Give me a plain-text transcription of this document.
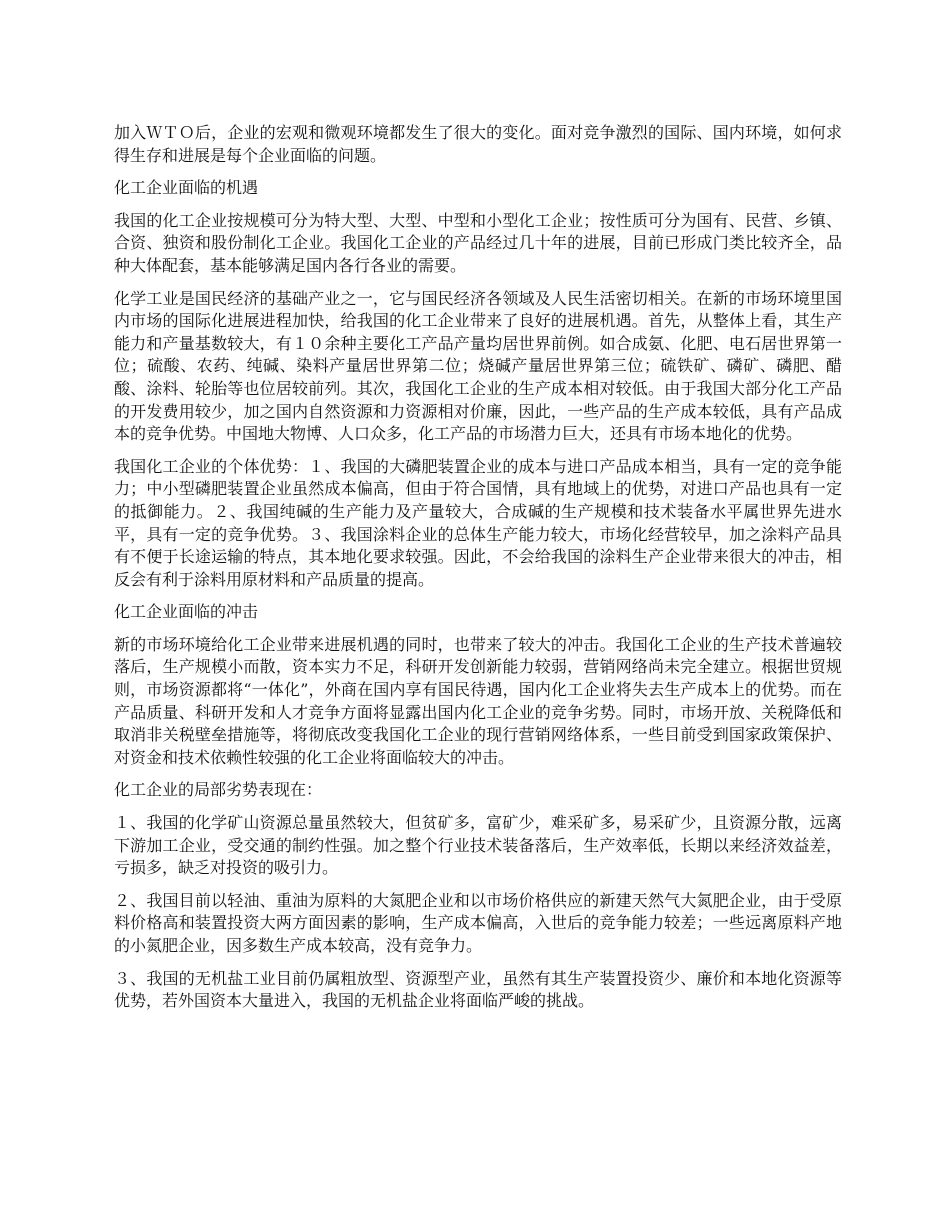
加入ＷＴＯ后，企业的宏观和微观环境都发生了很大的变化。面对竞争激烈的国际、国内环境，如何求得生存和进展是每个企业面临的问题。

化工企业面临的机遇

我国的化工企业按规模可分为特大型、大型、中型和小型化工企业；按性质可分为国有、民营、乡镇、合资、独资和股份制化工企业。我国化工企业的产品经过几十年的进展，目前已形成门类比较齐全，品种大体配套，基本能够满足国内各行各业的需要。

化学工业是国民经济的基础产业之一，它与国民经济各领域及人民生活密切相关。在新的市场环境里国内市场的国际化进展进程加快，给我国的化工企业带来了良好的进展机遇。首先，从整体上看，其生产能力和产量基数较大，有１０余种主要化工产品产量均居世界前例。如合成氨、化肥、电石居世界第一位；硫酸、农药、纯碱、染料产量居世界第二位；烧碱产量居世界第三位；硫铁矿、磷矿、磷肥、醋酸、涂料、轮胎等也位居较前列。其次，我国化工企业的生产成本相对较低。由于我国大部分化工产品的开发费用较少，加之国内自然资源和力资源相对价廉，因此，一些产品的生产成本较低，具有产品成本的竞争优势。中国地大物博、人口众多，化工产品的市场潜力巨大，还具有市场本地化的优势。

我国化工企业的个体优势：１、我国的大磷肥装置企业的成本与进口产品成本相当，具有一定的竞争能力；中小型磷肥装置企业虽然成本偏高，但由于符合国情，具有地域上的优势，对进口产品也具有一定的抵御能力。２、我国纯碱的生产能力及产量较大，合成碱的生产规模和技术装备水平属世界先进水平，具有一定的竞争优势。３、我国涂料企业的总体生产能力较大，市场化经营较早，加之涂料产品具有不便于长途运输的特点，其本地化要求较强。因此，不会给我国的涂料生产企业带来很大的冲击，相反会有利于涂料用原材料和产品质量的提高。

化工企业面临的冲击

新的市场环境给化工企业带来进展机遇的同时，也带来了较大的冲击。我国化工企业的生产技术普遍较落后，生产规模小而散，资本实力不足，科研开发创新能力较弱，营销网络尚未完全建立。根据世贸规则，市场资源都将“一体化”，外商在国内享有国民待遇，国内化工企业将失去生产成本上的优势。而在产品质量、科研开发和人才竞争方面将显露出国内化工企业的竞争劣势。同时，市场开放、关税降低和取消非关税壁垒措施等，将彻底改变我国化工企业的现行营销网络体系，一些目前受到国家政策保护、对资金和技术依赖性较强的化工企业将面临较大的冲击。

化工企业的局部劣势表现在：

１、我国的化学矿山资源总量虽然较大，但贫矿多，富矿少，难采矿多，易采矿少，且资源分散，远离下游加工企业，受交通的制约性强。加之整个行业技术装备落后，生产效率低，长期以来经济效益差，亏损多，缺乏对投资的吸引力。

２、我国目前以轻油、重油为原料的大氮肥企业和以市场价格供应的新建天然气大氮肥企业，由于受原料价格高和装置投资大两方面因素的影响，生产成本偏高，入世后的竞争能力较差；一些远离原料产地的小氮肥企业，因多数生产成本较高，没有竞争力。

３、我国的无机盐工业目前仍属粗放型、资源型产业，虽然有其生产装置投资少、廉价和本地化资源等优势，若外国资本大量进入，我国的无机盐企业将面临严峻的挑战。
